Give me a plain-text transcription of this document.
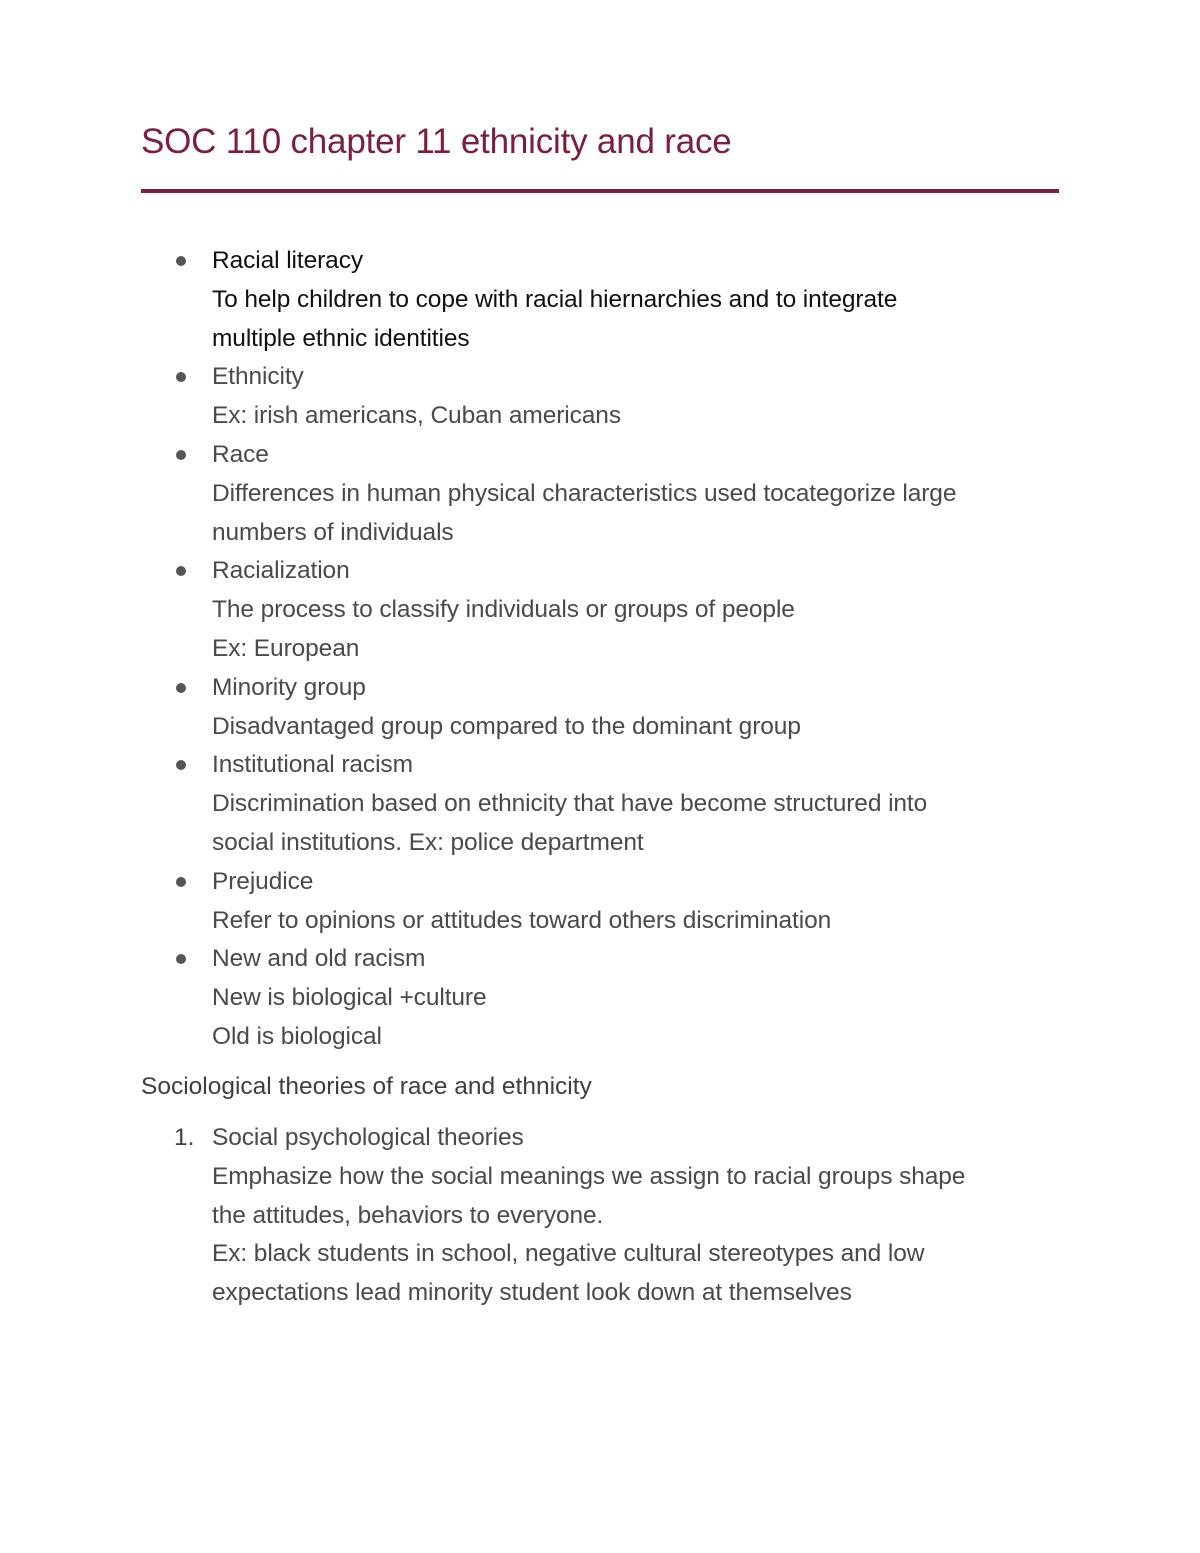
SOC 110 chapter 11 ethnicity and race
Racial literacy
To help children to cope with racial hiernarchies and to integrate
multiple ethnic identities
Ethnicity
Ex: irish americans, Cuban americans
Race
Differences in human physical characteristics used tocategorize large
numbers of individuals
Racialization
The process to classify individuals or groups of people
Ex: European
Minority group
Disadvantaged group compared to the dominant group
Institutional racism
Discrimination based on ethnicity that have become structured into
social institutions. Ex: police department
Prejudice
Refer to opinions or attitudes toward others discrimination
New and old racism
New is biological +culture
Old is biological
Sociological theories of race and ethnicity
1. Social psychological theories
Emphasize how the social meanings we assign to racial groups shape
the attitudes, behaviors to everyone.
Ex: black students in school, negative cultural stereotypes and low
expectations lead minority student look down at themselves
